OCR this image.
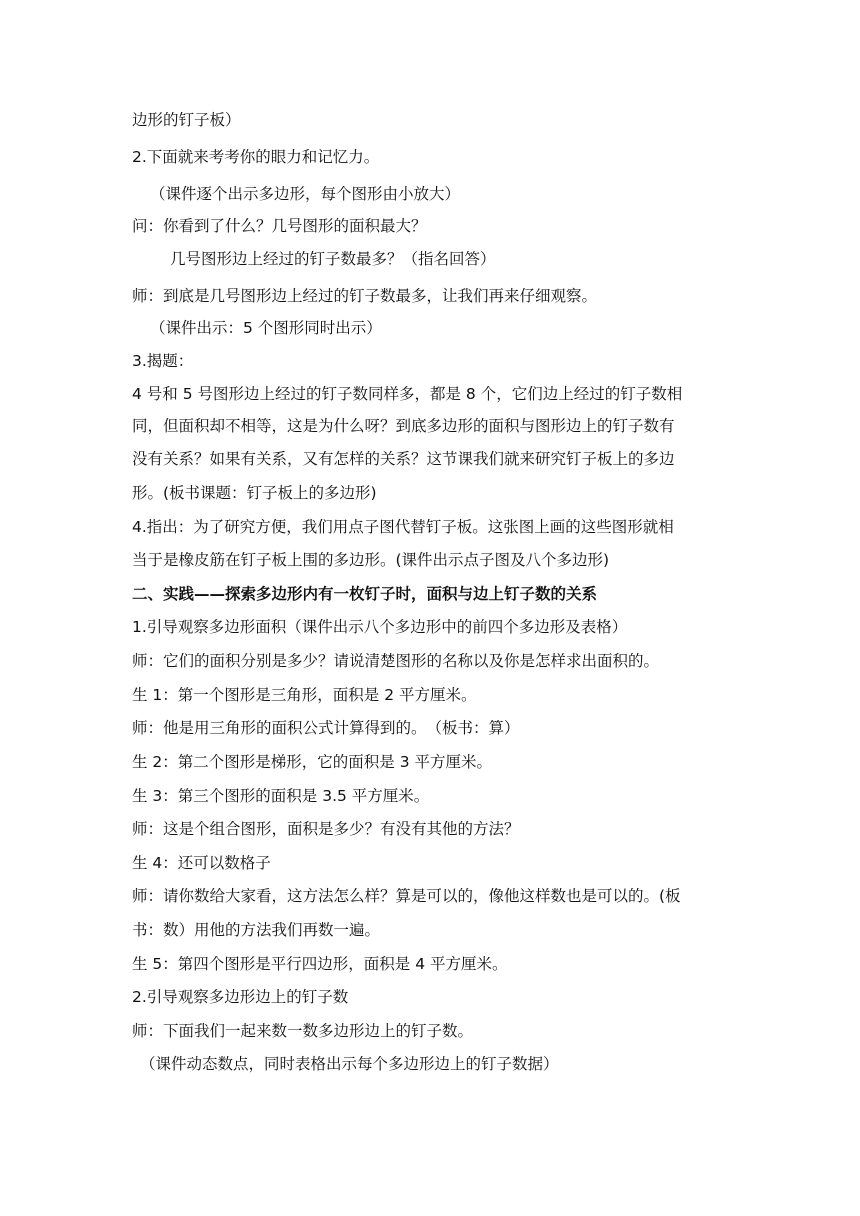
边形的钉子板）
2.下面就来考考你的眼力和记忆力。
（课件逐个出示多边形，每个图形由小放大）
问：你看到了什么？几号图形的面积最大？
几号图形边上经过的钉子数最多？（指名回答）
师：到底是几号图形边上经过的钉子数最多，让我们再来仔细观察。
（课件出示：5 个图形同时出示）
3.揭题：
4 号和 5 号图形边上经过的钉子数同样多，都是 8 个，它们边上经过的钉子数相
同，但面积却不相等，这是为什么呀？到底多边形的面积与图形边上的钉子数有
没有关系？如果有关系，又有怎样的关系？这节课我们就来研究钉子板上的多边
形。(板书课题：钉子板上的多边形)
4.指出：为了研究方便，我们用点子图代替钉子板。这张图上画的这些图形就相
当于是橡皮筋在钉子板上围的多边形。(课件出示点子图及八个多边形)
二、实践——探索多边形内有一枚钉子时，面积与边上钉子数的关系
1.引导观察多边形面积（课件出示八个多边形中的前四个多边形及表格）
师：它们的面积分别是多少？请说清楚图形的名称以及你是怎样求出面积的。
生 1：第一个图形是三角形，面积是 2 平方厘米。
师：他是用三角形的面积公式计算得到的。　（板书：算）
生 2：第二个图形是梯形，它的面积是 3 平方厘米。
生 3：第三个图形的面积是 3.5 平方厘米。
师：这是个组合图形，面积是多少？有没有其他的方法？
生 4：还可以数格子
师：请你数给大家看，这方法怎么样？算是可以的，像他这样数也是可以的。(板
书：数）用他的方法我们再数一遍。
生 5：第四个图形是平行四边形，面积是 4 平方厘米。
2.引导观察多边形边上的钉子数
师：下面我们一起来数一数多边形边上的钉子数。
（课件动态数点，同时表格出示每个多边形边上的钉子数据）
